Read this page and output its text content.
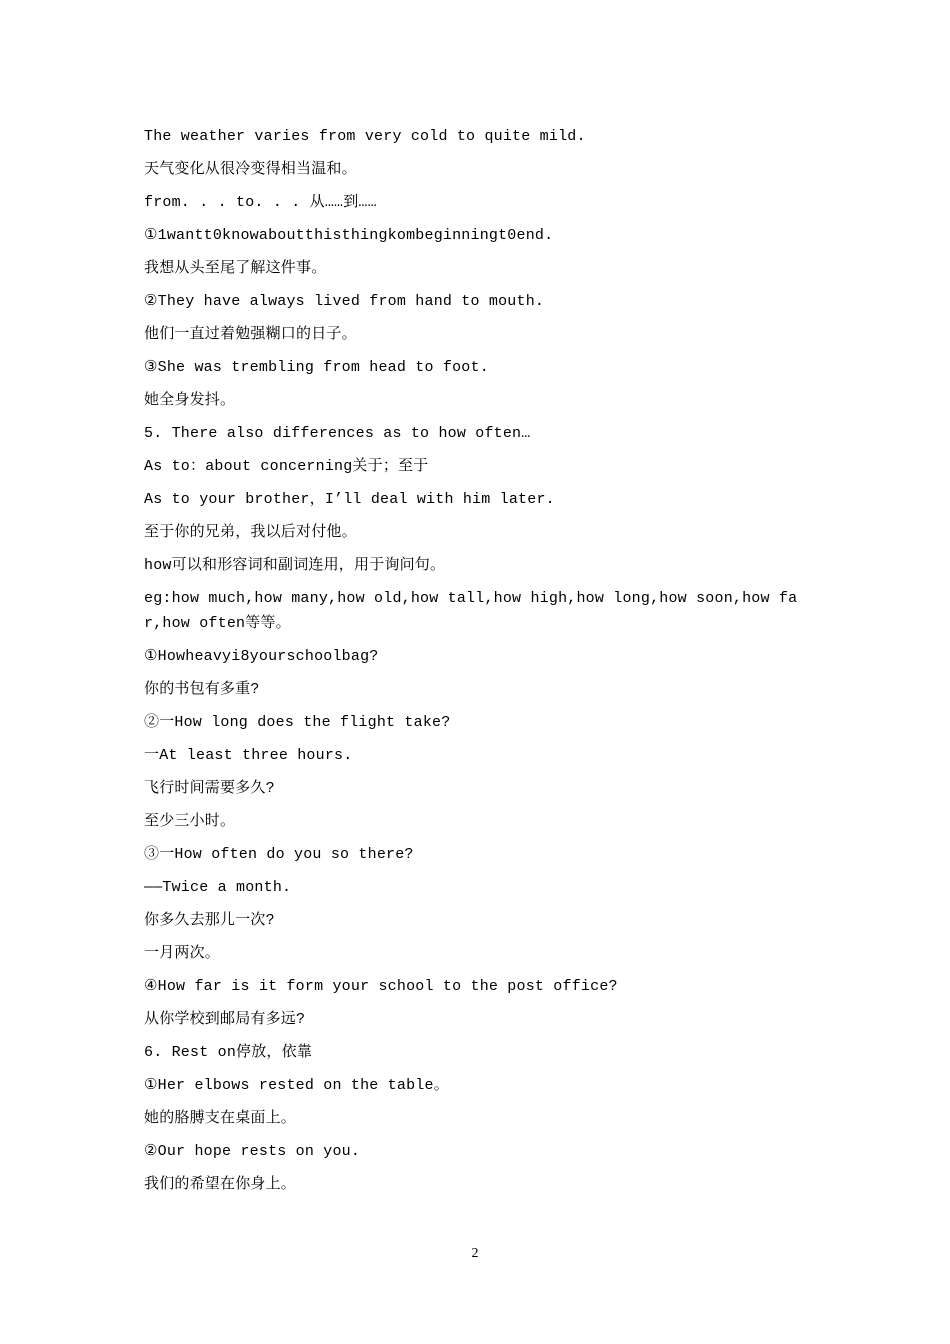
The weather varies from very cold to quite mild.
天气变化从很冷变得相当温和。
from. . . to. . . 从……到……
①1wantt0knowaboutthisthingkombeginningt0end.
我想从头至尾了解这件事。
②They have always lived from hand to mouth.
他们一直过着勉强糊口的日子。
③She was trembling from head to foot.
她全身发抖。
5. There also differences as to how often…
As to：about concerning关于；至于
As to your brother，I’ll deal with him later.
至于你的兄弟，我以后对付他。
how可以和形容词和副词连用，用于询问句。
eg:how much,how many,how old,how tall,how high,how long,how soon,how far,how often等等。
①Howheavyi8yourschoolbag?
你的书包有多重?
②一How long does the flight take?
一At least three hours.
飞行时间需要多久?
至少三小时。
③一How often do you so there?
——Twice a month.
你多久去那儿一次?
一月两次。
④How far is it form your school to the post office?
从你学校到邮局有多远?
6. Rest on停放，依靠
①Her elbows rested on the table。
她的胳膊支在桌面上。
②Our hope rests on you.
我们的希望在你身上。
2
